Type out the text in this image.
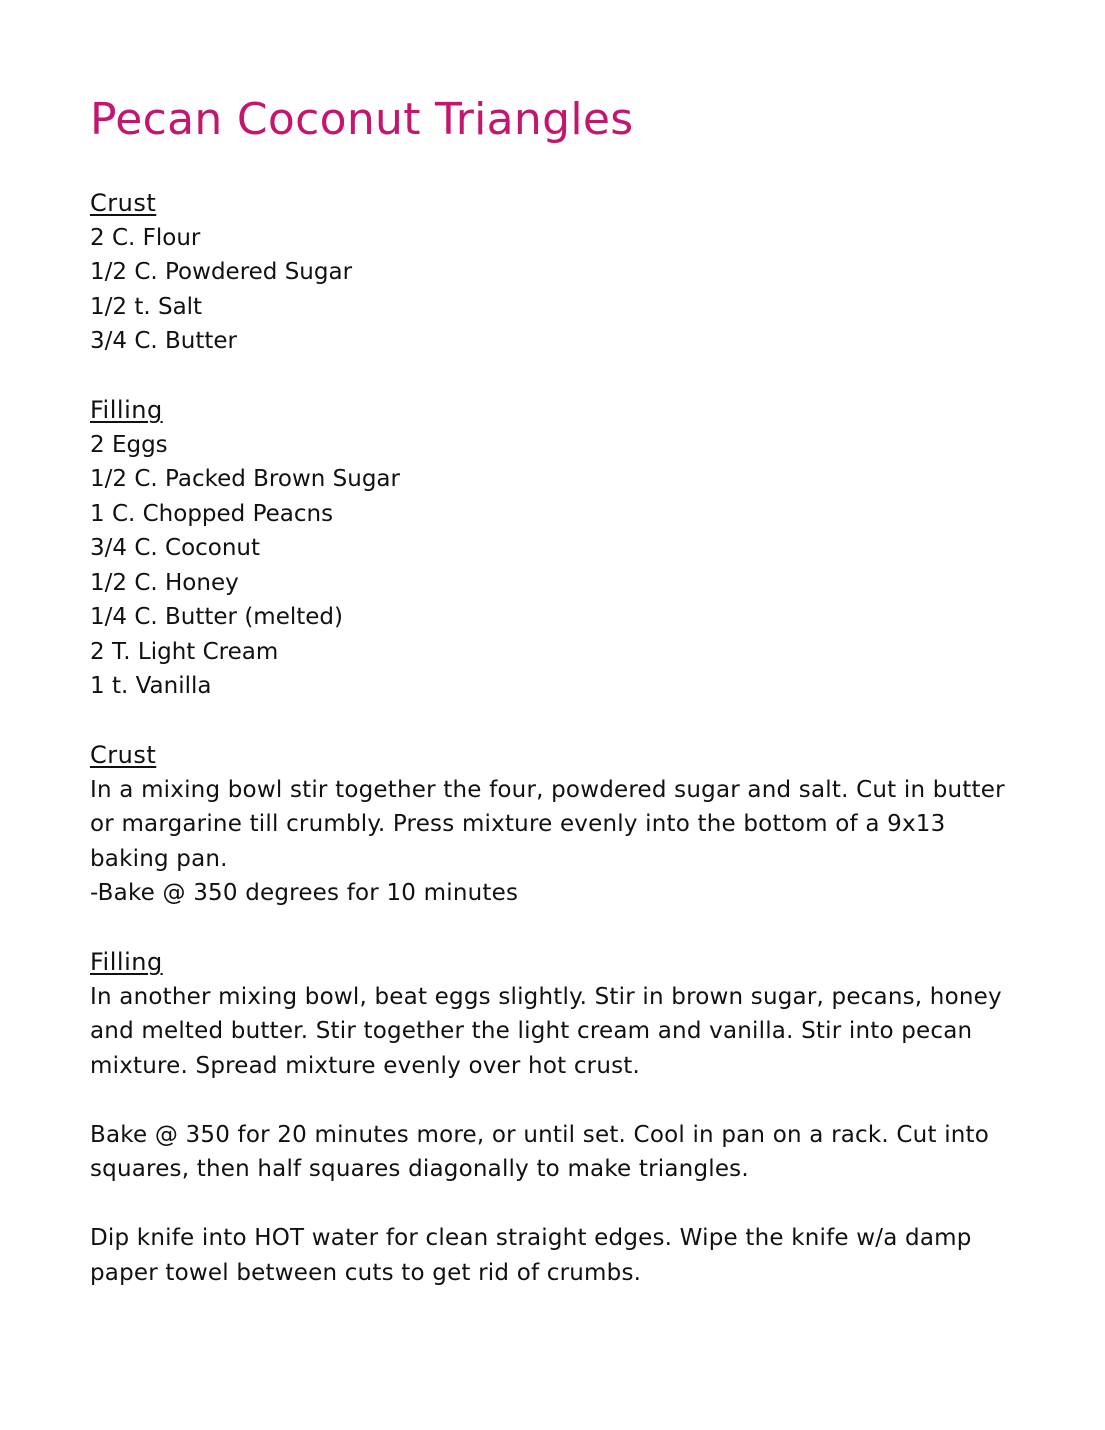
Pecan Coconut Triangles
Crust
2 C. Flour
1/2 C. Powdered Sugar
1/2 t. Salt
3/4 C. Butter
Filling
2 Eggs
1/2 C. Packed Brown Sugar
1 C. Chopped Peacns
3/4 C. Coconut
1/2 C. Honey
1/4 C. Butter (melted)
2 T. Light Cream
1 t. Vanilla
Crust

In a mixing bowl stir together the four, powdered sugar and salt. Cut in butter or margarine till crumbly. Press mixture evenly into the bottom of a 9x13 baking pan.

-Bake @ 350 degrees for 10 minutes

Filling

In another mixing bowl, beat eggs slightly. Stir in brown sugar, pecans, honey and melted butter. Stir together the light cream and vanilla. Stir into pecan mixture. Spread mixture evenly over hot crust.

Bake @ 350 for 20 minutes more, or until set. Cool in pan on a rack. Cut into squares, then half squares diagonally to make triangles.

Dip knife into HOT water for clean straight edges. Wipe the knife w/a damp paper towel between cuts to get rid of crumbs.
